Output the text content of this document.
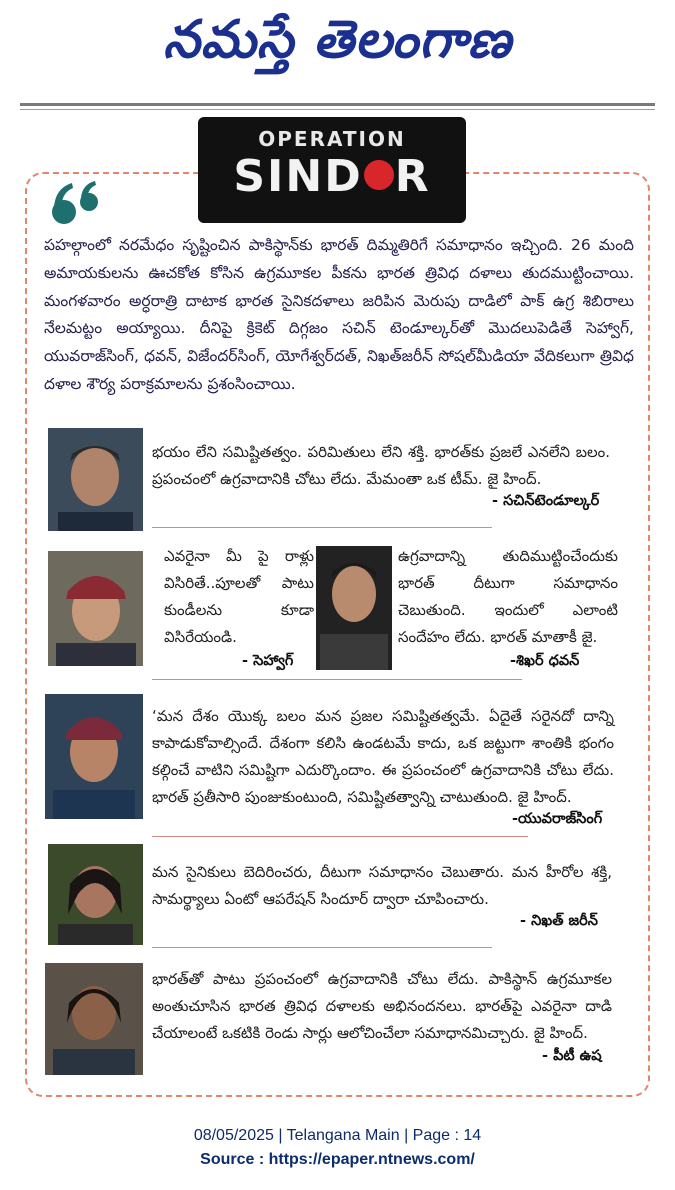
నమస్తే తెలంగాణ
OPERATION
SIND R
పహల్గాంలో నరమేధం సృష్టించిన పాకిస్థాన్‌కు భారత్ దిమ్మతిరిగే సమాధానం ఇచ్చింది. 26 మంది అమాయకులను ఊచకోత కోసిన ఉగ్రమూకల పీకను భారత త్రివిధ దళాలు తుదముట్టించాయి. మంగళవారం అర్ధరాత్రి దాటాక భారత సైనికదళాలు జరిపిన మెరుపు దాడిలో పాక్ ఉగ్ర శిబిరాలు నేలమట్టం అయ్యాయి. దీనిపై క్రికెట్ దిగ్గజం సచిన్ టెండూల్కర్‌తో మొదలుపెడితే సెహ్వాగ్, యువరాజ్‌సింగ్, ధవన్, విజేందర్‌సింగ్, యోగేశ్వర్‌దత్, నిఖత్‌జరీన్ సోషల్‌మీడియా వేదికలుగా త్రివిధ దళాల శౌర్య పరాక్రమాలను ప్రశంసించాయి.
భయం లేని సమిష్టితత్వం. పరిమితులు లేని శక్తి. భారత్‌కు ప్రజలే ఎనలేని బలం. ప్రపంచంలో ఉగ్రవాదానికి చోటు లేదు. మేమంతా ఒక టీమ్. జై హింద్.
- సచిన్‌టెండూల్కర్
ఎవరైనా మీ పై రాళ్లు విసిరితే..పూలతో పాటు కుండీలను కూడా విసిరేయండి.
- సెహ్వాగ్
ఉగ్రవాదాన్ని తుదిముట్టించేందుకు భారత్ దీటుగా సమాధానం చెబుతుంది. ఇందులో ఎలాంటి సందేహం లేదు. భారత్ మాతాకీ జై.
-శిఖర్ ధవన్
‘మన దేశం యొక్క బలం మన ప్రజల సమిష్టితత్వమే. ఏదైతే సరైనదో దాన్ని కాపాడుకోవాల్సిందే. దేశంగా కలిసి ఉండటమే కాదు, ఒక జట్టుగా శాంతికి భంగం కల్గించే వాటిని సమిష్టిగా ఎదుర్కొందాం. ఈ ప్రపంచంలో ఉగ్రవాదానికి చోటు లేదు. భారత్ ప్రతీసారి పుంజుకుంటుంది, సమిష్టితత్వాన్ని చాటుతుంది. జై హింద్.
-యువరాజ్‌సింగ్
మన సైనికులు బెదిరించరు, దీటుగా సమాధానం చెబుతారు. మన హీరోల శక్తి, సామర్థ్యాలు ఏంటో ఆపరేషన్ సిందూర్ ద్వారా చూపించారు.
- నిఖత్ జరీన్
భారత్‌తో పాటు ప్రపంచంలో ఉగ్రవాదానికి చోటు లేదు. పాకిస్థాన్ ఉగ్రమూకల అంతుచూసిన భారత త్రివిధ దళాలకు అభినందనలు. భారత్‌పై ఎవరైనా దాడి చేయాలంటే ఒకటికి రెండు సార్లు ఆలోచించేలా సమాధానమిచ్చారు. జై హింద్.
- పీటీ ఉష
08/05/2025 | Telangana Main | Page : 14
Source : https://epaper.ntnews.com/
